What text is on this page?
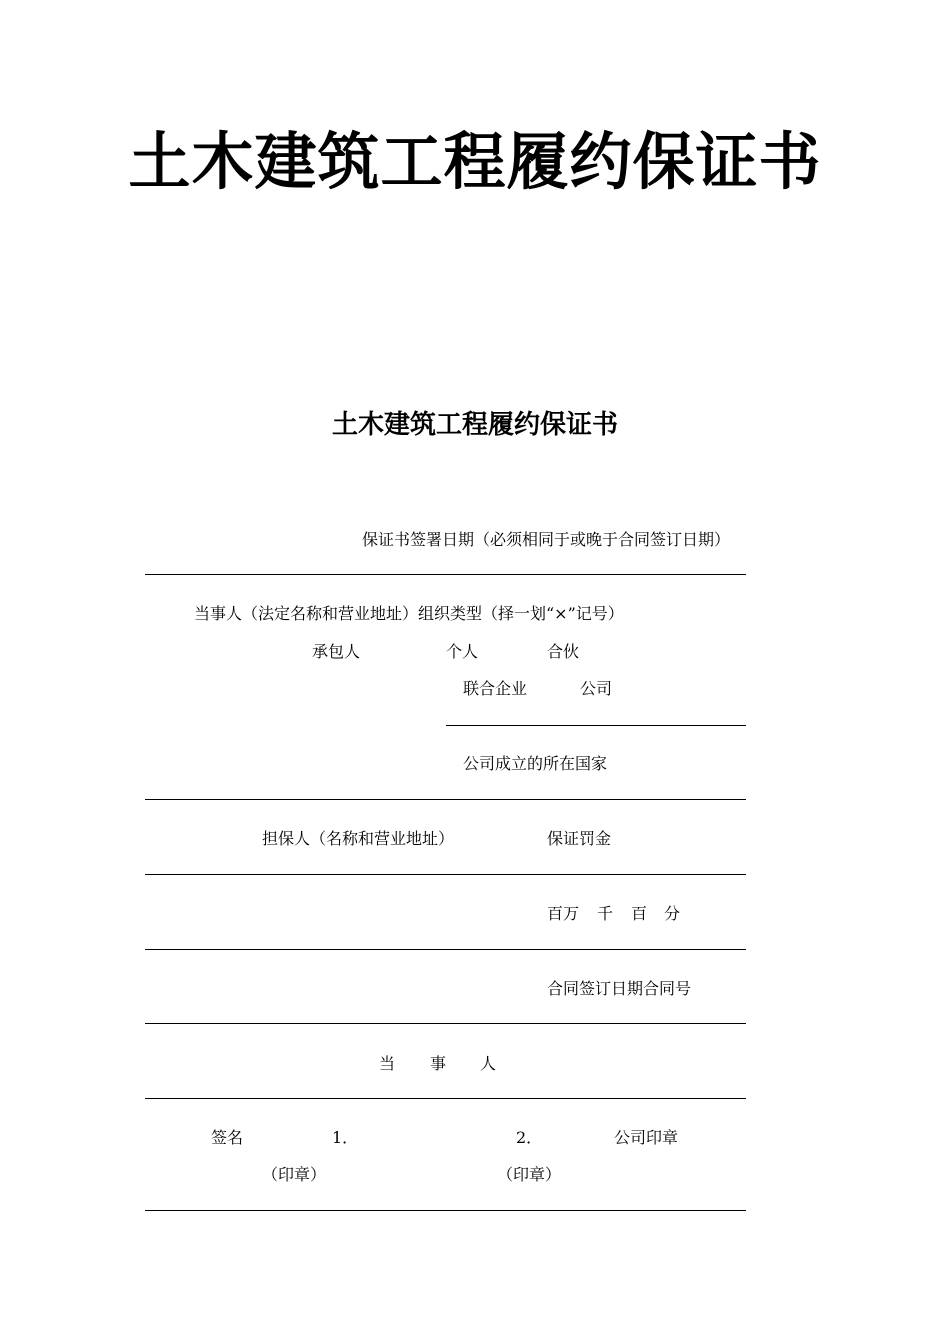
土木建筑工程履约保证书
土木建筑工程履约保证书
保证书签署日期（必须相同于或晚于合同签订日期）
当事人（法定名称和营业地址）组织类型（择一划“×”记号）
承包人	个人	合伙
联合企业	公司
公司成立的所在国家
担保人（名称和营业地址）	保证罚金
百万 千 百 分
合同签订日期合同号
当 事 人
签名	1．	2．	公司印章
（印章）	（印章）
